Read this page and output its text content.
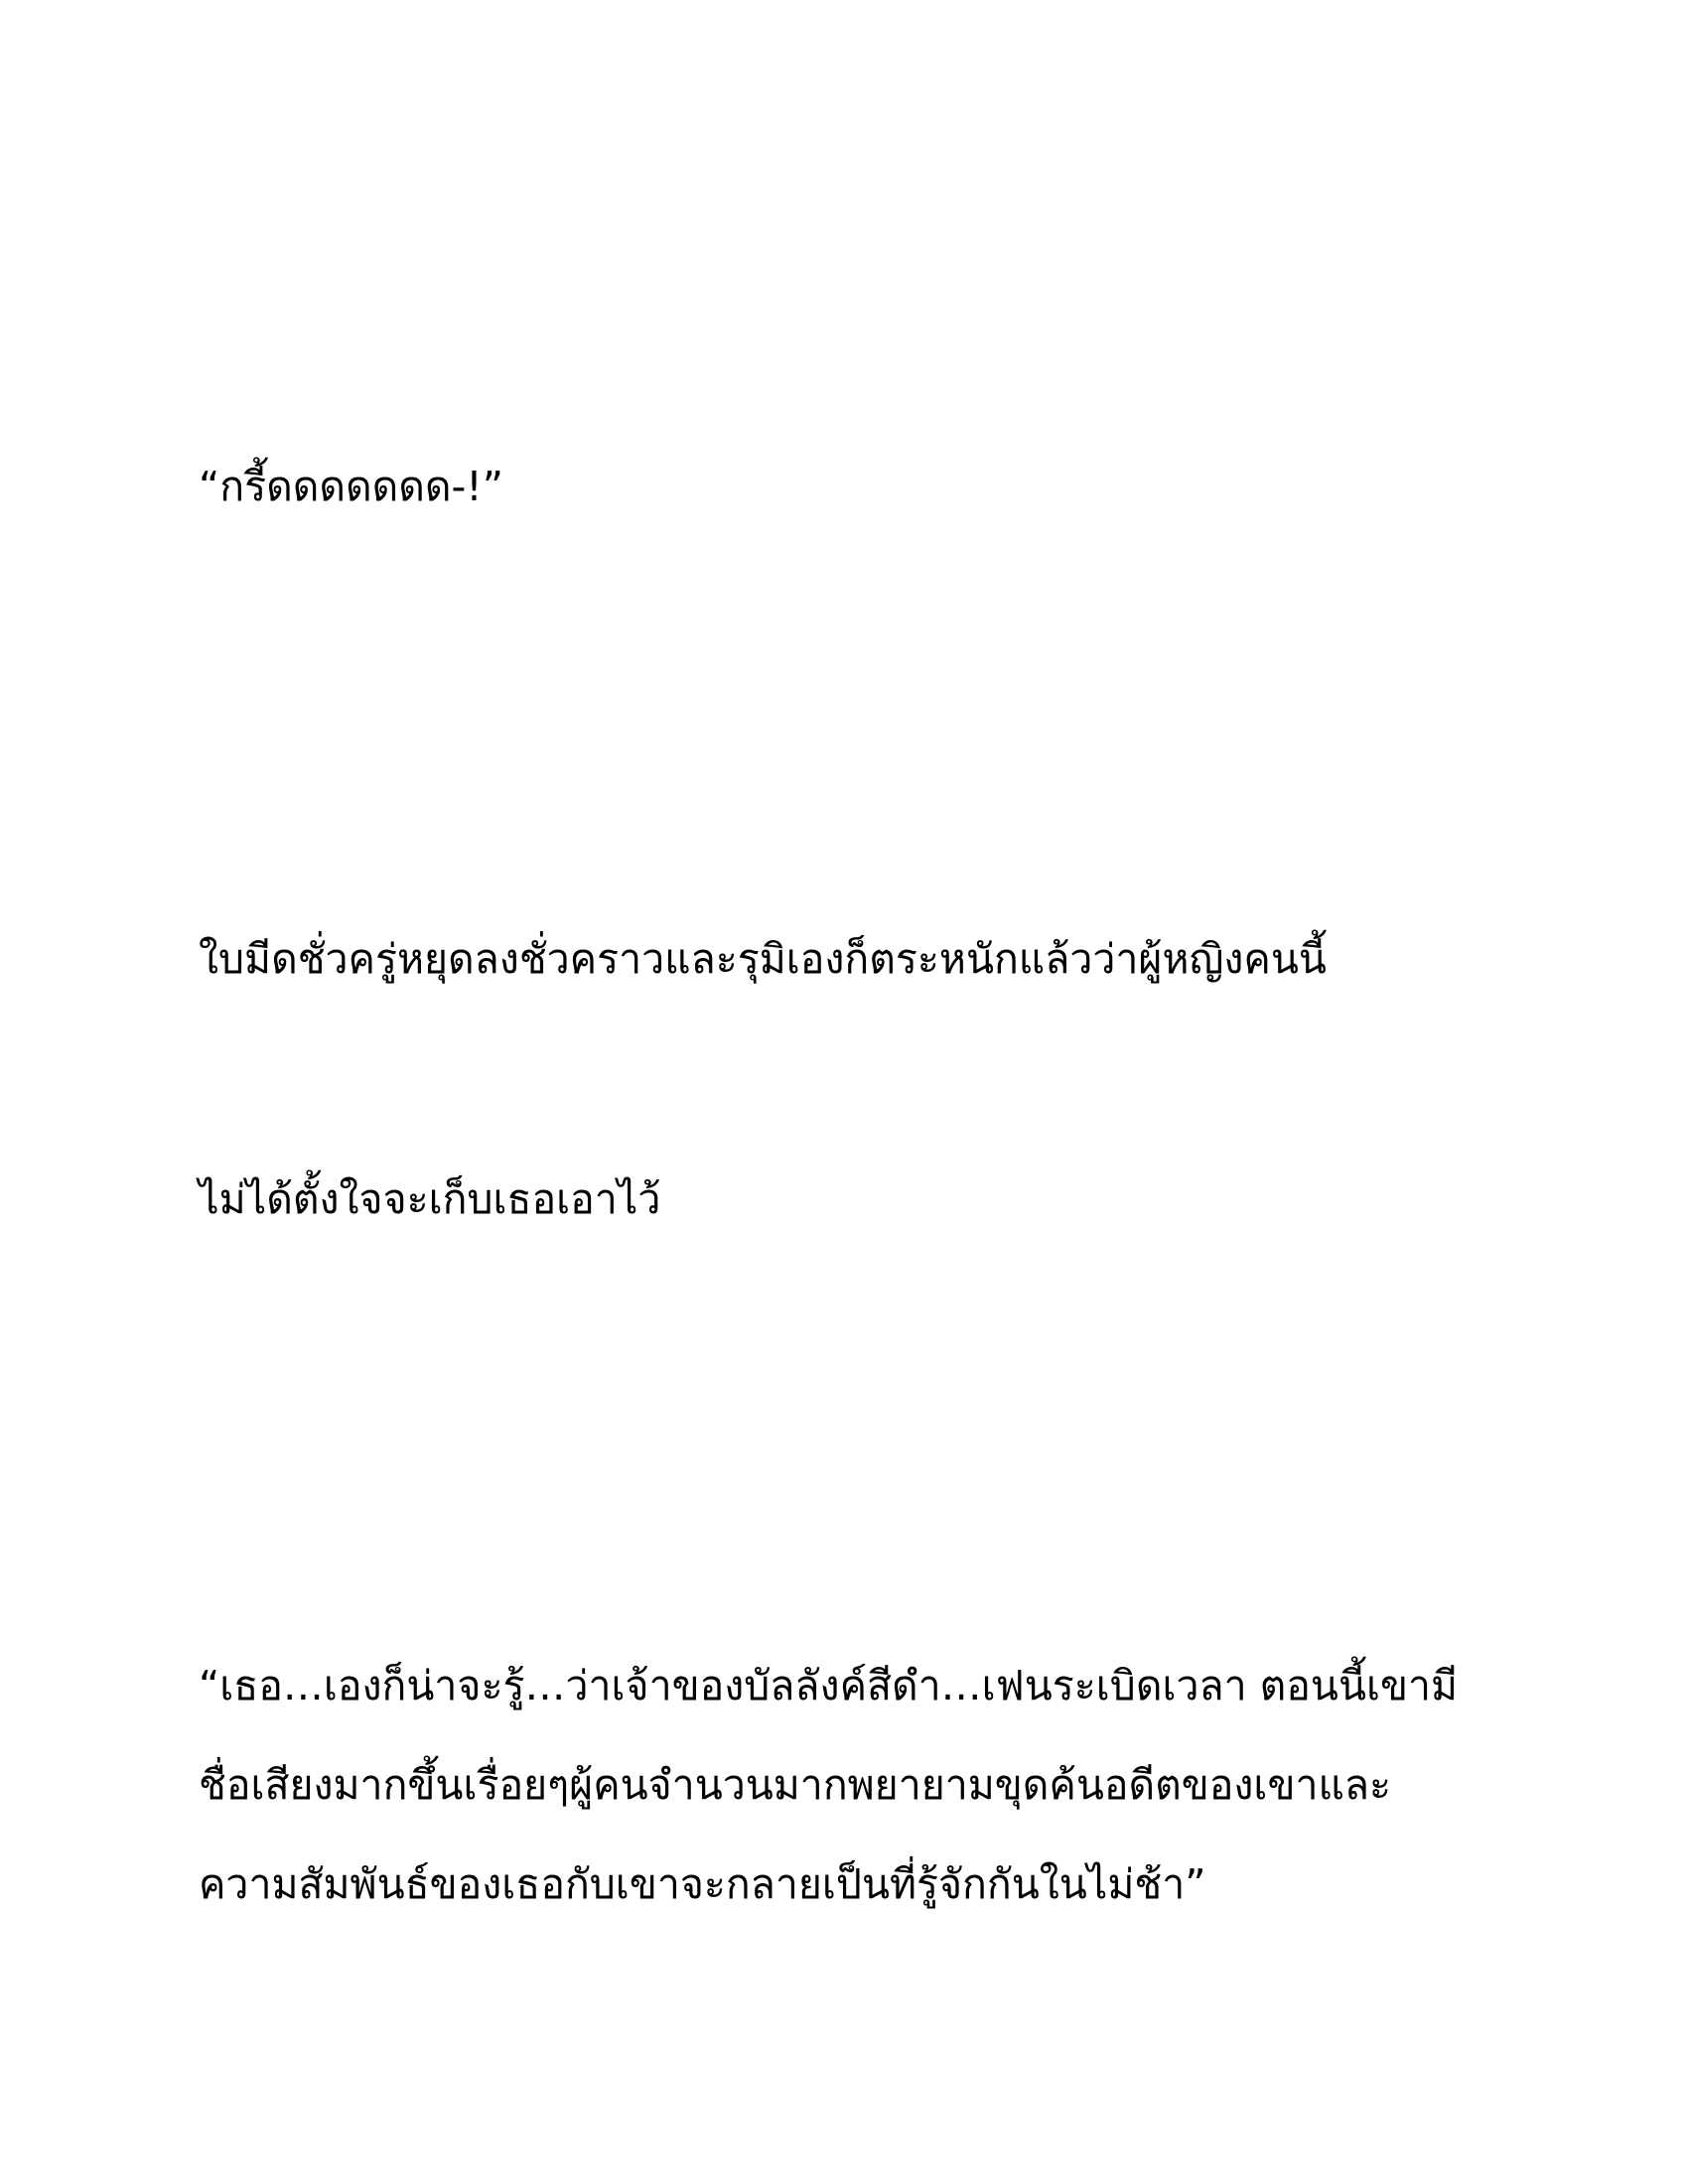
“กรี้ดดดดดดด-!”

ใบมีดชั่วครู่หยุดลงชั่วคราวและรุมิเองก็ตระหนักแล้วว่าผู้หญิงคนนี้

ไม่ได้ตั้งใจจะเก็บเธอเอาไว้

“เธอ…เองก็น่าจะรู้…ว่าเจ้าของบัลลังค์สีดำ…เฟนระเบิดเวลา ตอนนี้เขามี

ชื่อเสียงมากขึ้นเรื่อยๆผู้คนจำนวนมากพยายามขุดค้นอดีตของเขาและ

ความสัมพันธ์ของเธอกับเขาจะกลายเป็นที่รู้จักกันในไม่ช้า”
